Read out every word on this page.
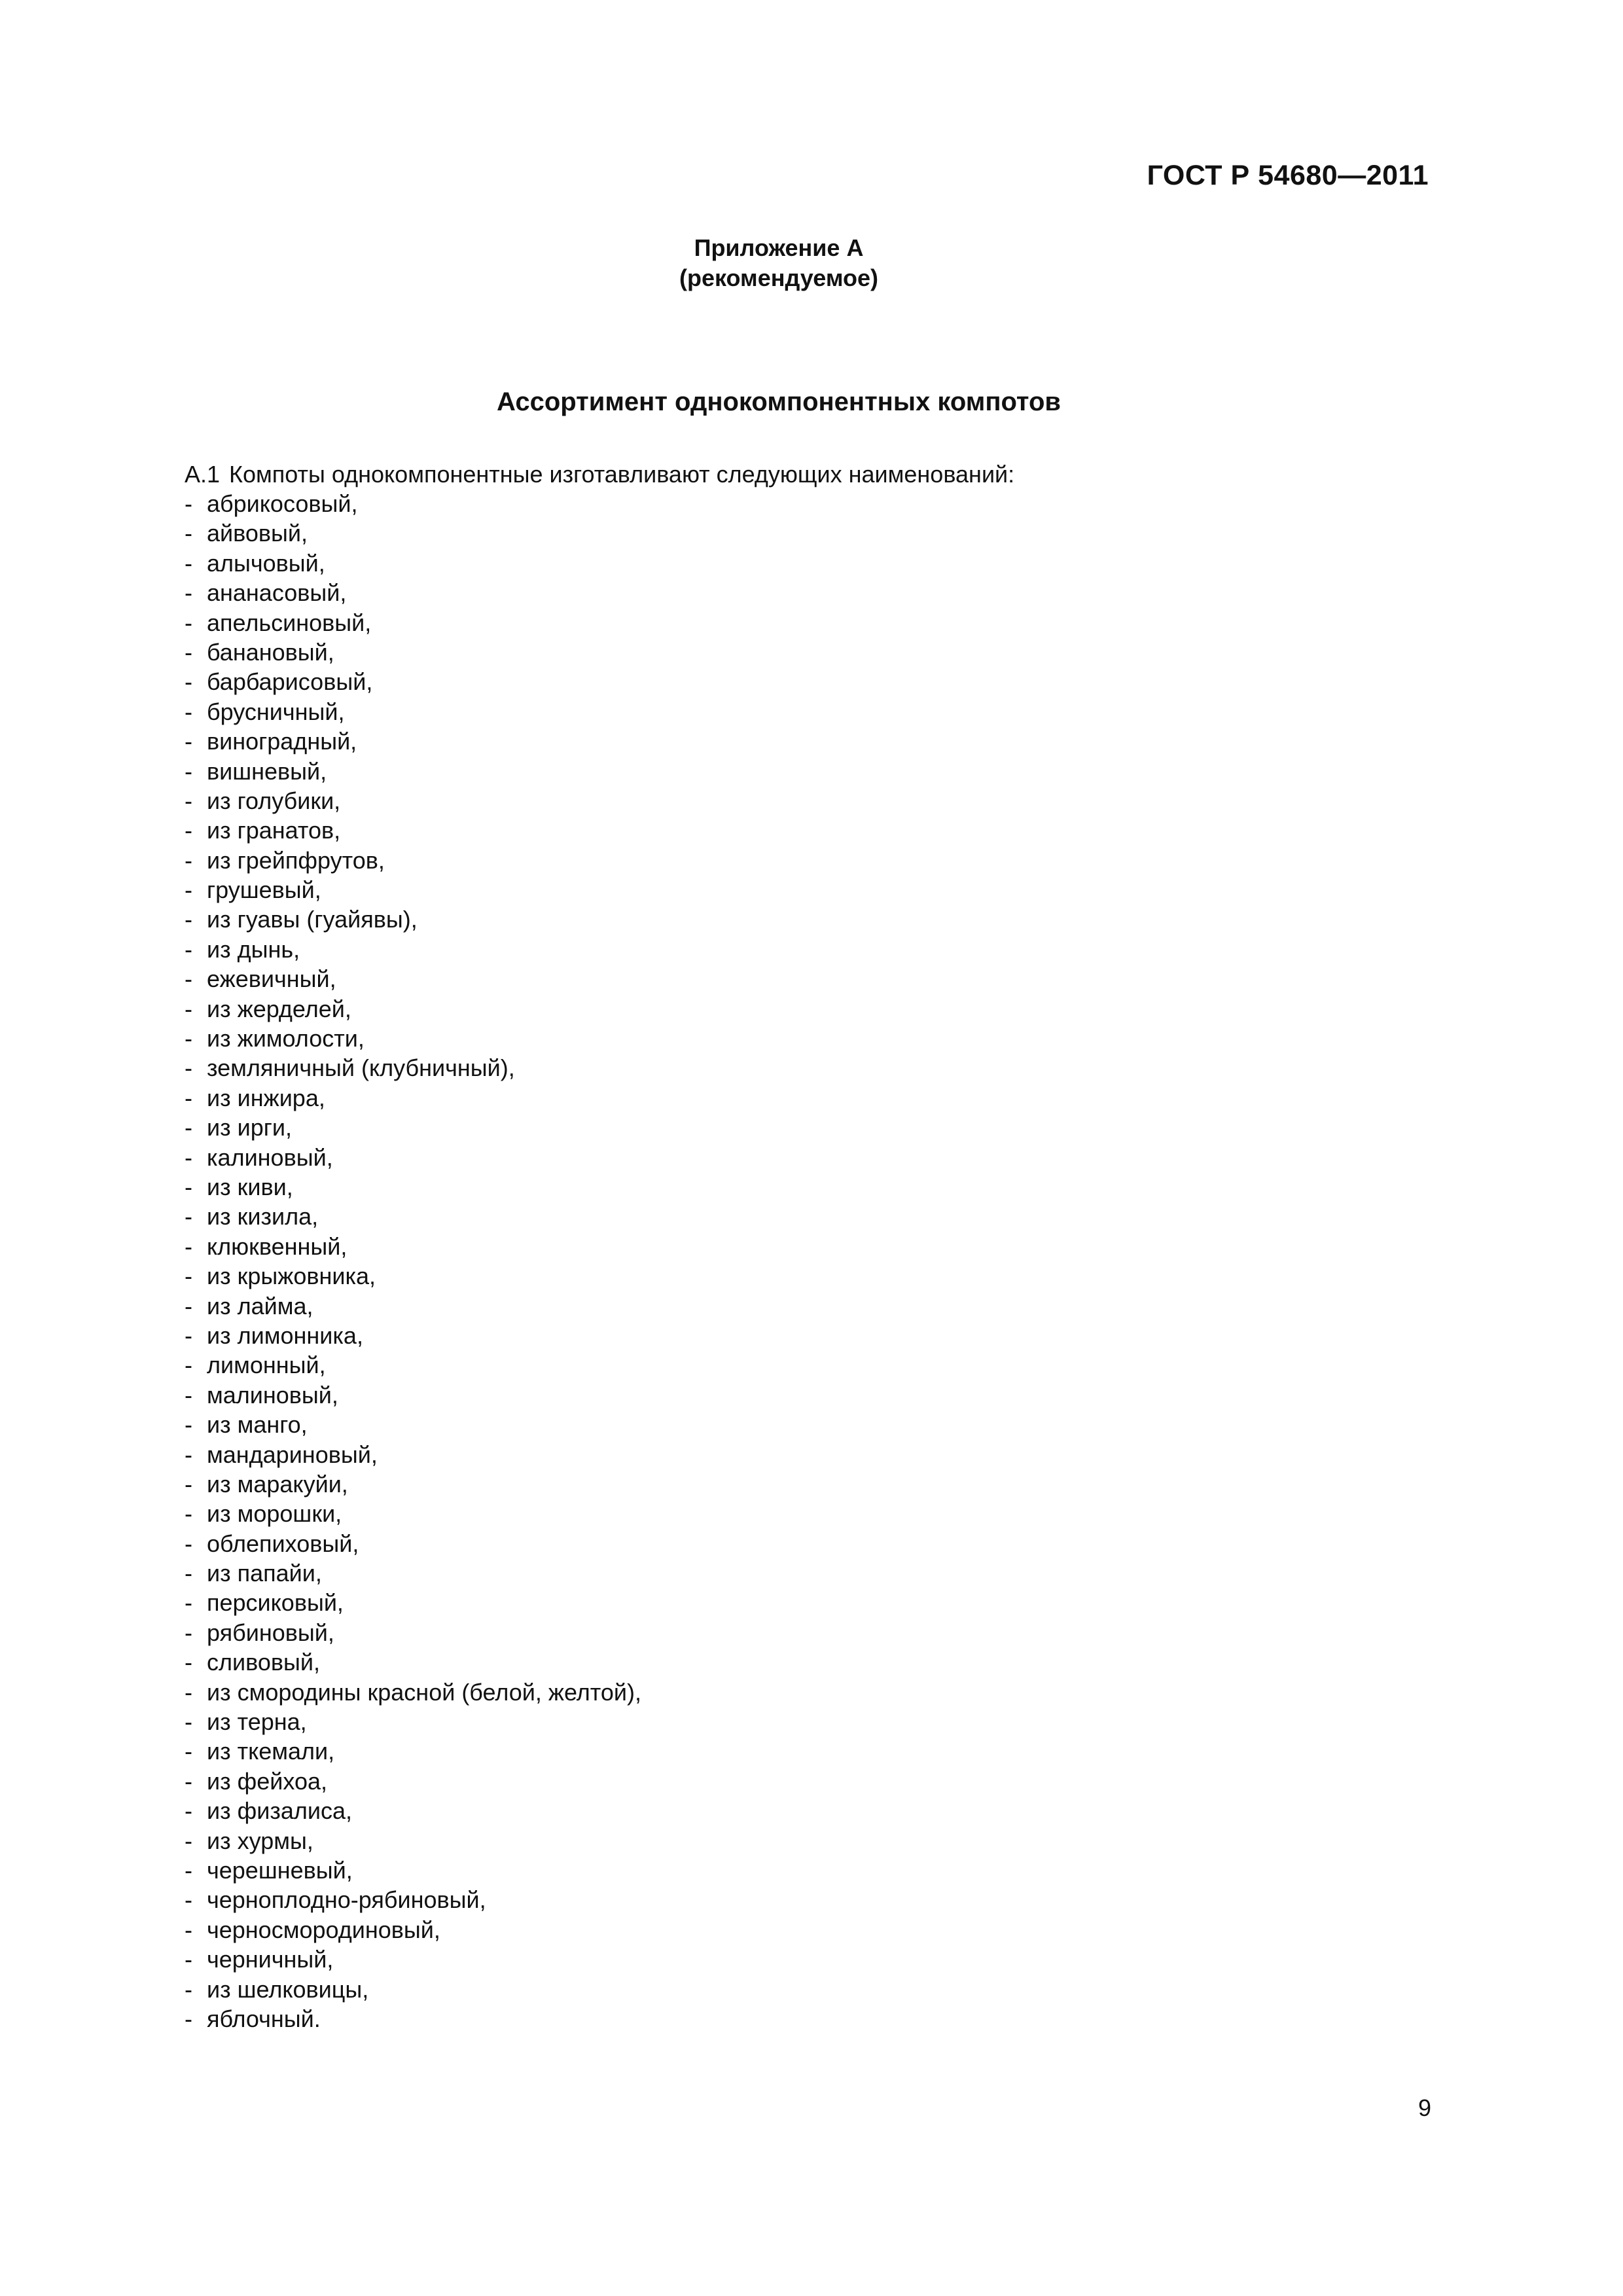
ГОСТ Р 54680—2011
Приложение А
(рекомендуемое)
Ассортимент однокомпонентных компотов
А.1 Компоты однокомпонентные изготавливают следующих наименований:
- абрикосовый,
- айвовый,
- алычовый,
- ананасовый,
- апельсиновый,
- банановый,
- барбарисовый,
- брусничный,
- виноградный,
- вишневый,
- из голубики,
- из гранатов,
- из грейпфрутов,
- грушевый,
- из гуавы (гуайявы),
- из дынь,
- ежевичный,
- из жерделей,
- из жимолости,
- земляничный (клубничный),
- из инжира,
- из ирги,
- калиновый,
- из киви,
- из кизила,
- клюквенный,
- из крыжовника,
- из лайма,
- из лимонника,
- лимонный,
- малиновый,
- из манго,
- мандариновый,
- из маракуйи,
- из морошки,
- облепиховый,
- из папайи,
- персиковый,
- рябиновый,
- сливовый,
- из смородины красной (белой, желтой),
- из терна,
- из ткемали,
- из фейхоа,
- из физалиса,
- из хурмы,
- черешневый,
- черноплодно-рябиновый,
- черносмородиновый,
- черничный,
- из шелковицы,
- яблочный.
9
